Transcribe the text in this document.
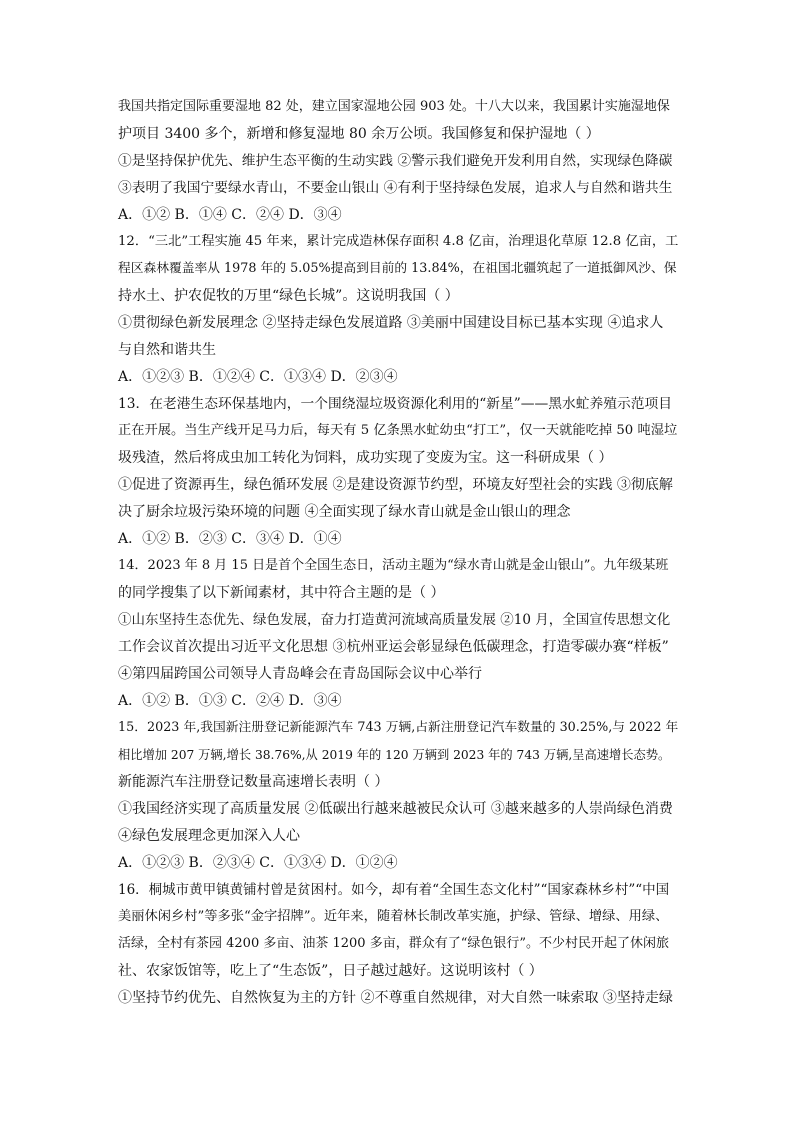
我国共指定国际重要湿地 82 处，建立国家湿地公园 903 处。十八大以来，我国累计实施湿地保
护项目 3400 多个，新增和修复湿地 80 余万公顷。我国修复和保护湿地（ ）
①是坚持保护优先、维护生态平衡的生动实践 ②警示我们避免开发利用自然，实现绿色降碳
③表明了我国宁要绿水青山，不要金山银山 ④有利于坚持绿色发展，追求人与自然和谐共生
A．①② B．①④ C．②④ D．③④
12．“三北”工程实施 45 年来，累计完成造林保存面积 4.8 亿亩，治理退化草原 12.8 亿亩，工
程区森林覆盖率从 1978 年的 5.05%提高到目前的 13.84%，在祖国北疆筑起了一道抵御风沙、保
持水土、护农促牧的万里“绿色长城”。这说明我国（ ）
①贯彻绿色新发展理念 ②坚持走绿色发展道路 ③美丽中国建设目标已基本实现 ④追求人
与自然和谐共生
A．①②③ B．①②④ C．①③④ D．②③④
13．在老港生态环保基地内，一个围绕湿垃圾资源化利用的“新星”——黑水虻养殖示范项目
正在开展。当生产线开足马力后，每天有 5 亿条黑水虻幼虫“打工”，仅一天就能吃掉 50 吨湿垃
圾残渣，然后将成虫加工转化为饲料，成功实现了变废为宝。这一科研成果（ ）
①促进了资源再生，绿色循环发展 ②是建设资源节约型，环境友好型社会的实践 ③彻底解
决了厨余垃圾污染环境的问题 ④全面实现了绿水青山就是金山银山的理念
A．①② B．②③ C．③④ D．①④
14．2023 年 8 月 15 日是首个全国生态日，活动主题为“绿水青山就是金山银山”。九年级某班
的同学搜集了以下新闻素材，其中符合主题的是（ ）
①山东坚持生态优先、绿色发展，奋力打造黄河流域高质量发展 ②10 月，全国宣传思想文化
工作会议首次提出习近平文化思想 ③杭州亚运会彰显绿色低碳理念，打造零碳办赛“样板”
④第四届跨国公司领导人青岛峰会在青岛国际会议中心举行
A．①② B．①③ C．②④ D．③④
15．2023 年,我国新注册登记新能源汽车 743 万辆,占新注册登记汽车数量的 30.25%,与 2022 年
相比增加 207 万辆,增长 38.76%,从 2019 年的 120 万辆到 2023 年的 743 万辆,呈高速增长态势。
新能源汽车注册登记数量高速增长表明（ ）
①我国经济实现了高质量发展 ②低碳出行越来越被民众认可 ③越来越多的人崇尚绿色消费
④绿色发展理念更加深入人心
A．①②③ B．②③④ C．①③④ D．①②④
16．桐城市黄甲镇黄铺村曾是贫困村。如今，却有着“全国生态文化村”“国家森林乡村”“中国
美丽休闲乡村”等多张“金字招牌”。近年来，随着林长制改革实施，护绿、管绿、增绿、用绿、
活绿，全村有茶园 4200 多亩、油茶 1200 多亩，群众有了“绿色银行”。不少村民开起了休闲旅
社、农家饭馆等，吃上了“生态饭”，日子越过越好。这说明该村（ ）
①坚持节约优先、自然恢复为主的方针 ②不尊重自然规律，对大自然一味索取 ③坚持走绿
